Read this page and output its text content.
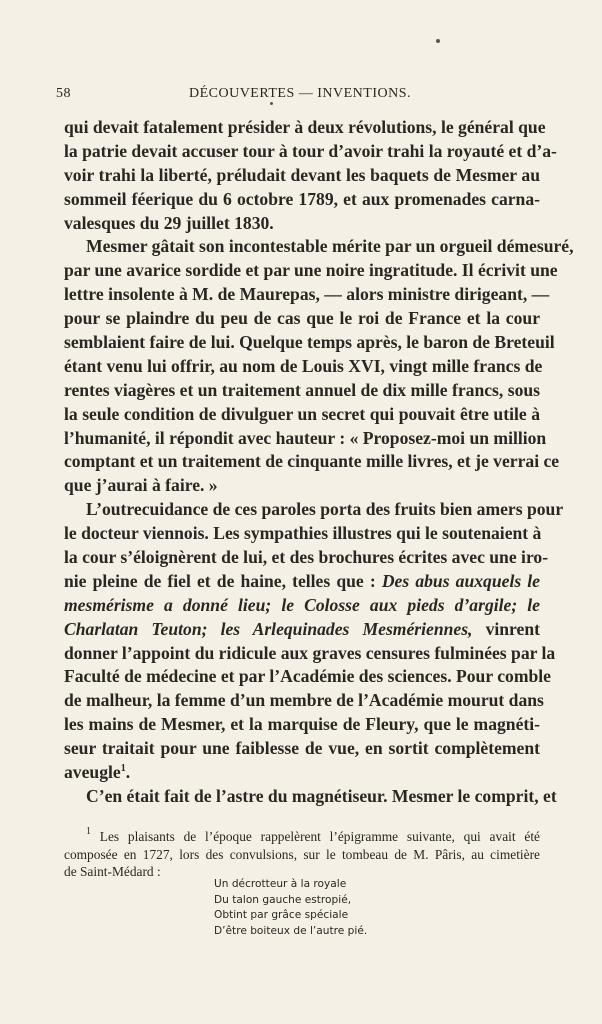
58	DÉCOUVERTES — INVENTIONS.
qui devait fatalement présider à deux révolutions, le général que
la patrie devait accuser tour à tour d’avoir trahi la royauté et d’a-
voir trahi la liberté, préludait devant les baquets de Mesmer au
sommeil féerique du 6 octobre 1789, et aux promenades carna-
valesques du 29 juillet 1830.
Mesmer gâtait son incontestable mérite par un orgueil démesuré,
par une avarice sordide et par une noire ingratitude. Il écrivit une
lettre insolente à M. de Maurepas, — alors ministre dirigeant, —
pour se plaindre du peu de cas que le roi de France et la cour
semblaient faire de lui. Quelque temps après, le baron de Breteuil
étant venu lui offrir, au nom de Louis XVI, vingt mille francs de
rentes viagères et un traitement annuel de dix mille francs, sous
la seule condition de divulguer un secret qui pouvait être utile à
l’humanité, il répondit avec hauteur : « Proposez-moi un million
comptant et un traitement de cinquante mille livres, et je verrai ce
que j’aurai à faire. »
L’outrecuidance de ces paroles porta des fruits bien amers pour
le docteur viennois. Les sympathies illustres qui le soutenaient à
la cour s’éloignèrent de lui, et des brochures écrites avec une iro-
nie pleine de fiel et de haine, telles que : Des abus auxquels le
mesmérisme a donné lieu; le Colosse aux pieds d’argile; le
Charlatan Teuton; les Arlequinades Mesmériennes, vinrent
donner l’appoint du ridicule aux graves censures fulminées par la
Faculté de médecine et par l’Académie des sciences. Pour comble
de malheur, la femme d’un membre de l’Académie mourut dans
les mains de Mesmer, et la marquise de Fleury, que le magnéti-
seur traitait pour une faiblesse de vue, en sortit complètement
aveugle$^1$.
C’en était fait de l’astre du magnétiseur. Mesmer le comprit, et
$^1$ Les plaisants de l’époque rappelèrent l’épigramme suivante, qui avait été
composée en 1727, lors des convulsions, sur le tombeau de M. Pâris, au cimetière
de Saint-Médard :
Un décrotteur à la royale
Du talon gauche estropié,
Obtint par grâce spéciale
D’être boiteux de l’autre pié.
